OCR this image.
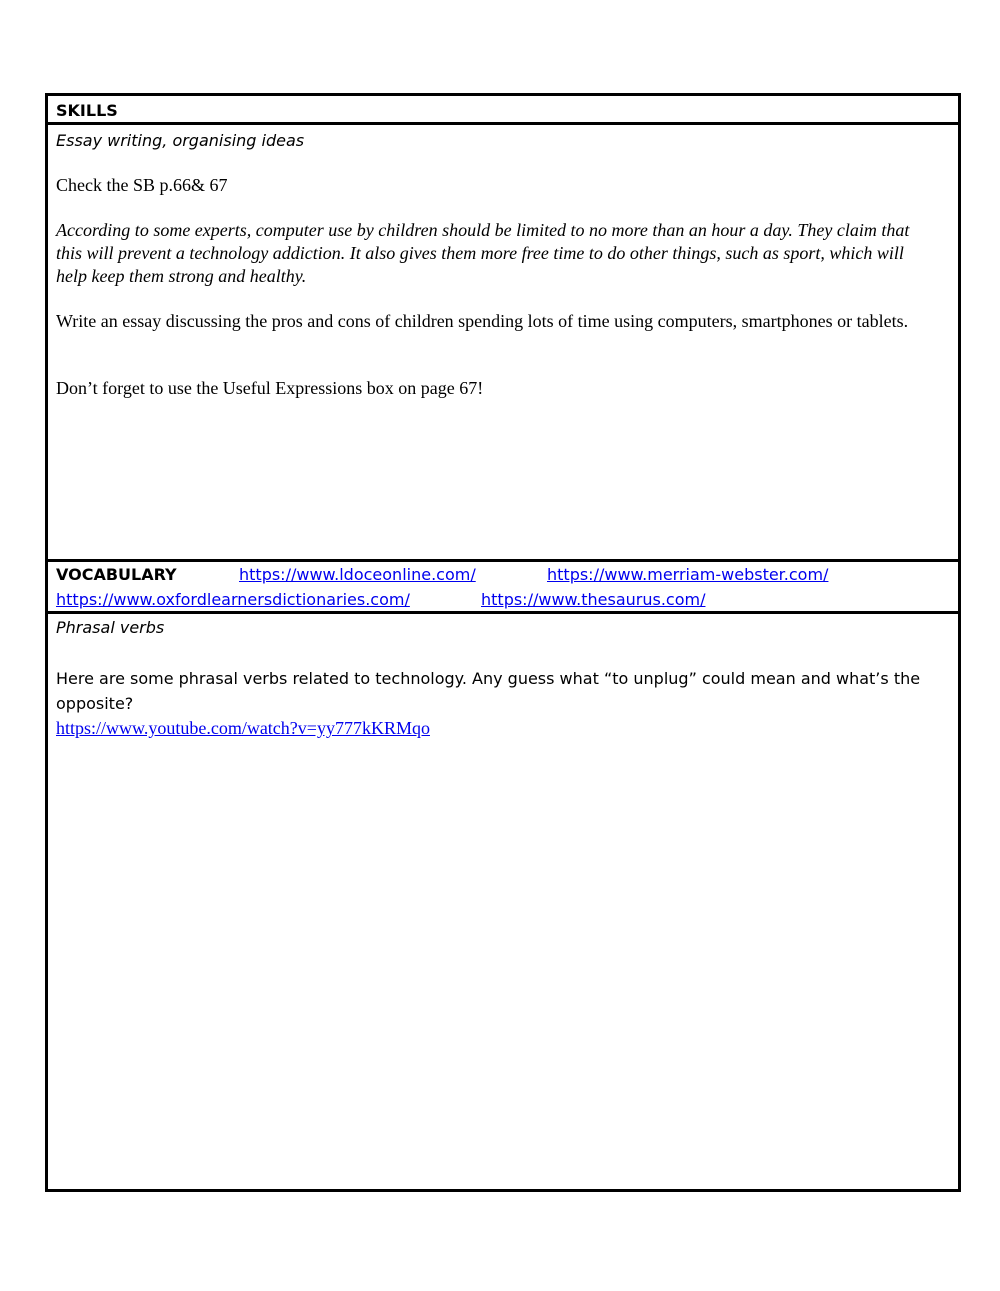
SKILLS
Essay writing, organising ideas

Check the SB p.66& 67

According to some experts, computer use by children should be limited to no more than an hour a day. They claim that this will prevent a technology addiction. It also gives them more free time to do other things, such as sport, which will help keep them strong and healthy.

Write an essay discussing the pros and cons of children spending lots of time using computers, smartphones or tablets.

Don’t forget to use the Useful Expressions box on page 67!

VOCABULARY	https://www.ldoceonline.com/	https://www.merriam-webster.com/
https://www.oxfordlearnersdictionaries.com/	https://www.thesaurus.com/
Phrasal verbs

Here are some phrasal verbs related to technology. Any guess what “to unplug” could mean and what’s the opposite?

https://www.youtube.com/watch?v=yy777kKRMqo
